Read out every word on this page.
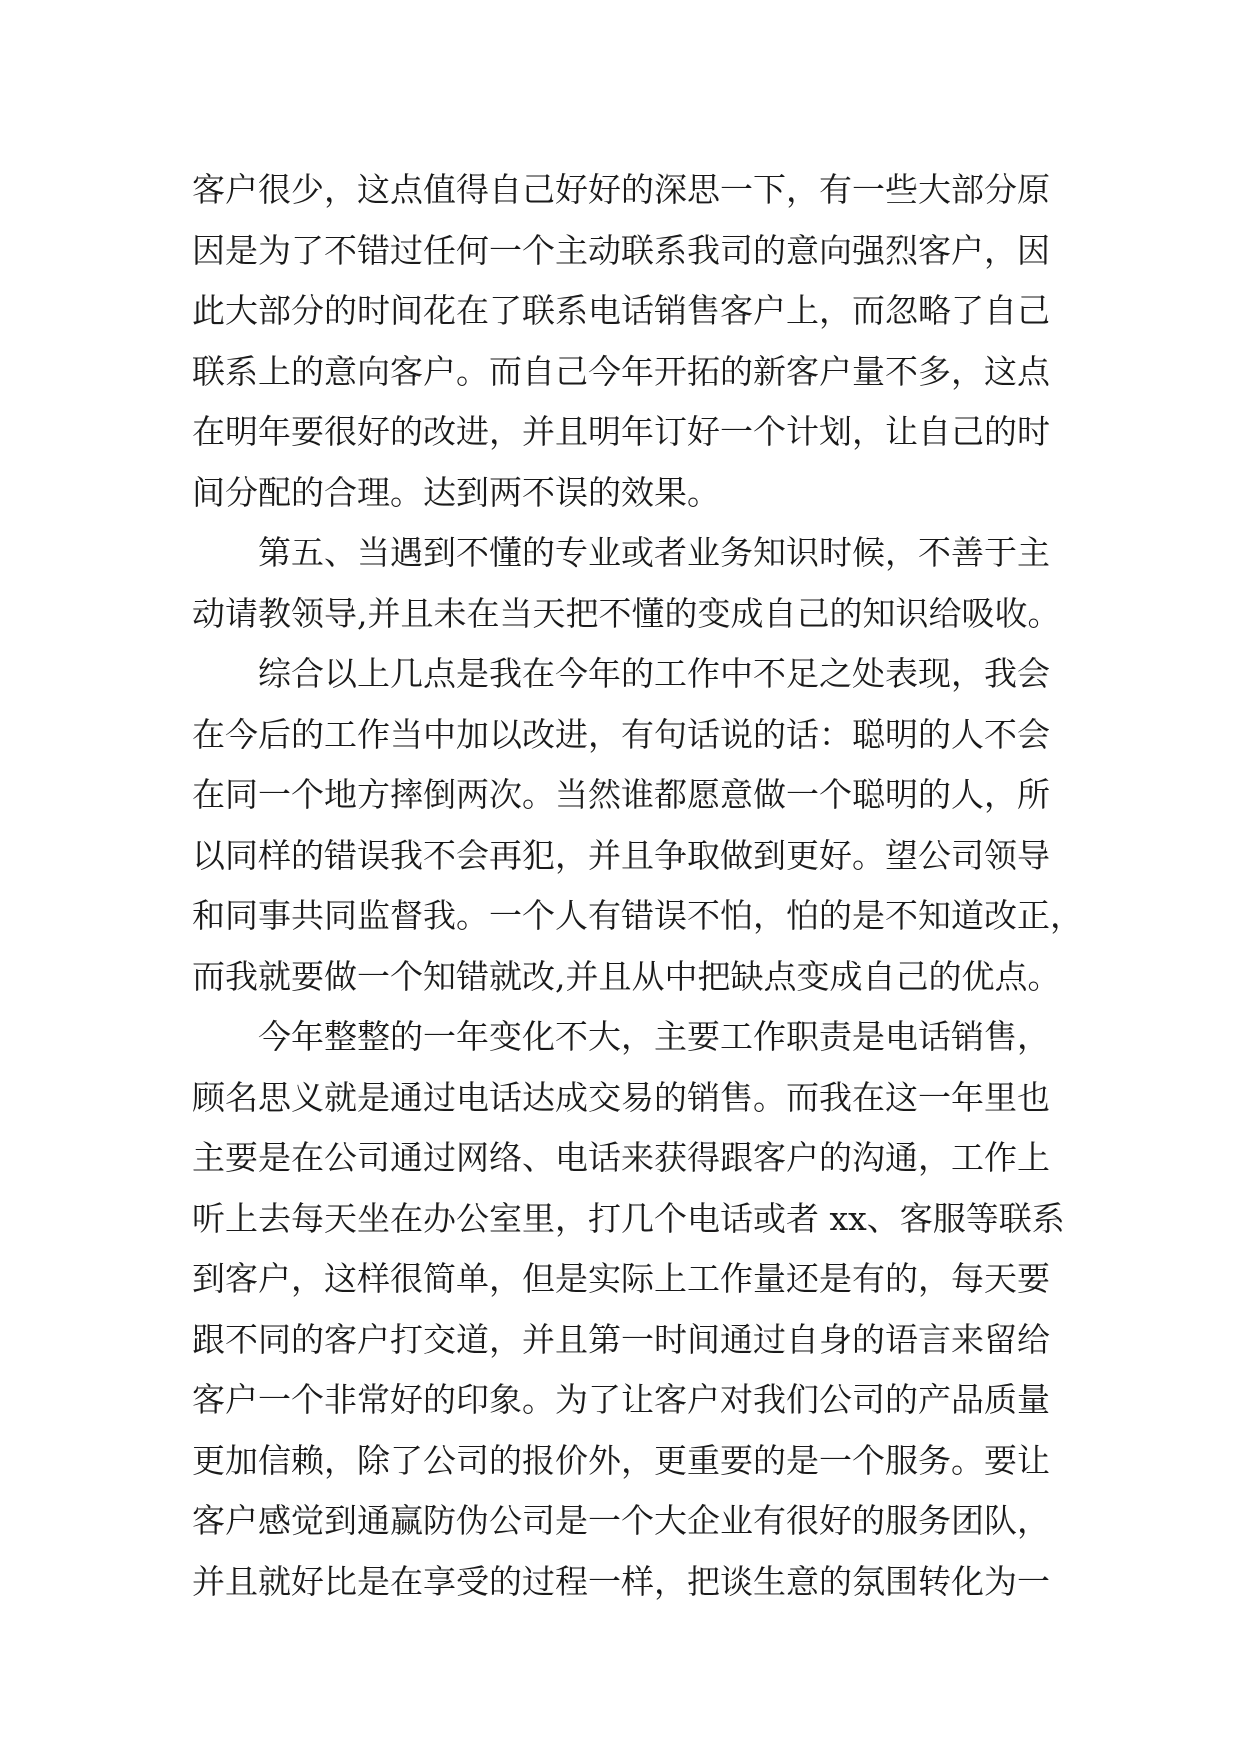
客户很少，这点值得自己好好的深思一下，有一些大部分原
因是为了不错过任何一个主动联系我司的意向强烈客户，因
此大部分的时间花在了联系电话销售客户上，而忽略了自己
联系上的意向客户。而自己今年开拓的新客户量不多，这点
在明年要很好的改进，并且明年订好一个计划，让自己的时
间分配的合理。达到两不误的效果。
第五、当遇到不懂的专业或者业务知识时候，不善于主
动请教领导,并且未在当天把不懂的变成自己的知识给吸收。
综合以上几点是我在今年的工作中不足之处表现，我会
在今后的工作当中加以改进，有句话说的话：聪明的人不会
在同一个地方摔倒两次。当然谁都愿意做一个聪明的人，所
以同样的错误我不会再犯，并且争取做到更好。望公司领导
和同事共同监督我。一个人有错误不怕，怕的是不知道改正，
而我就要做一个知错就改,并且从中把缺点变成自己的优点。
今年整整的一年变化不大，主要工作职责是电话销售，
顾名思义就是通过电话达成交易的销售。而我在这一年里也
主要是在公司通过网络、电话来获得跟客户的沟通，工作上
听上去每天坐在办公室里，打几个电话或者 xx、客服等联系
到客户，这样很简单，但是实际上工作量还是有的，每天要
跟不同的客户打交道，并且第一时间通过自身的语言来留给
客户一个非常好的印象。为了让客户对我们公司的产品质量
更加信赖，除了公司的报价外，更重要的是一个服务。要让
客户感觉到通赢防伪公司是一个大企业有很好的服务团队，
并且就好比是在享受的过程一样，把谈生意的氛围转化为一
